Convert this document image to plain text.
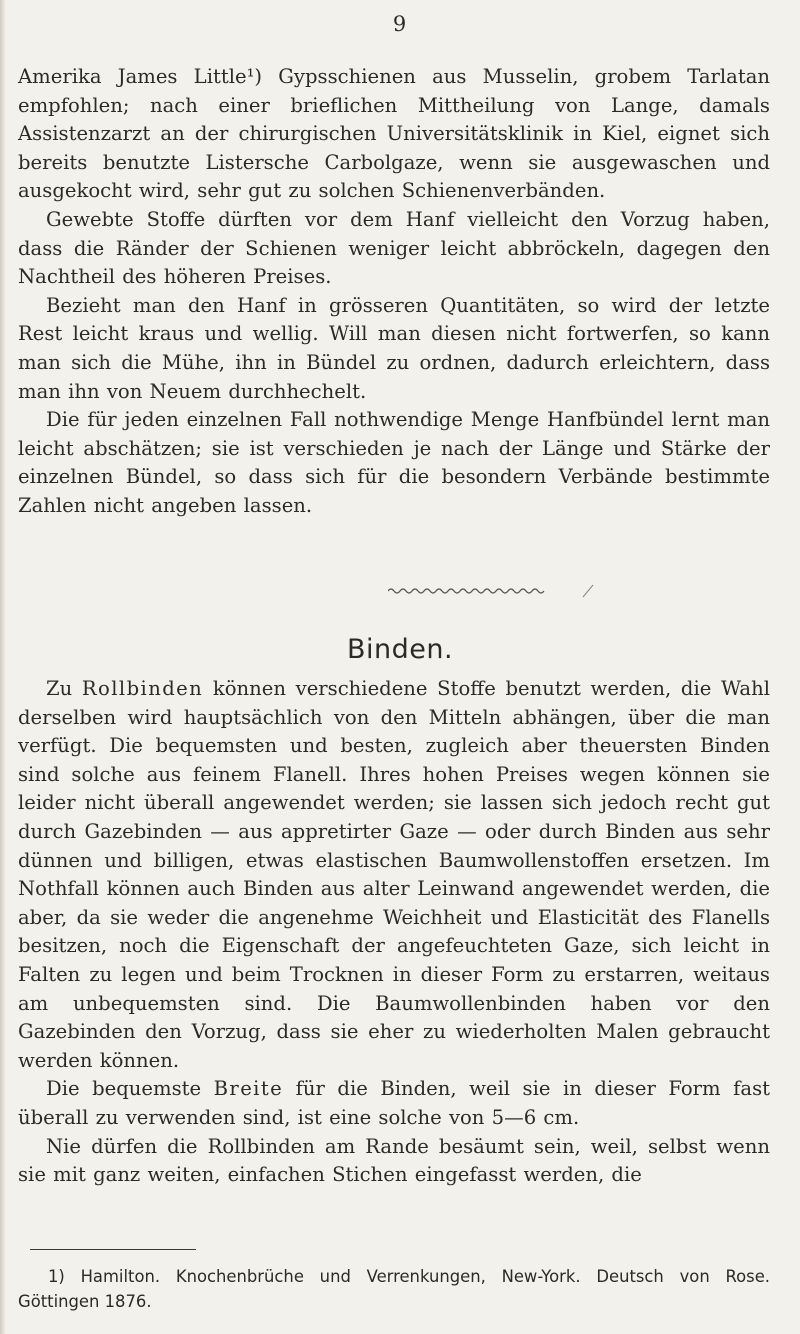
9

Amerika James Little¹) Gypsschienen aus Musselin, grobem Tarlatan empfohlen; nach einer brieflichen Mittheilung von Lange, damals Assistenzarzt an der chirurgischen Universitätsklinik in Kiel, eignet sich bereits benutzte Listersche Carbolgaze, wenn sie ausgewaschen und ausgekocht wird, sehr gut zu solchen Schienenverbänden.

Gewebte Stoffe dürften vor dem Hanf vielleicht den Vorzug haben, dass die Ränder der Schienen weniger leicht abbröckeln, dagegen den Nachtheil des höheren Preises.

Bezieht man den Hanf in grösseren Quantitäten, so wird der letzte Rest leicht kraus und wellig. Will man diesen nicht fortwerfen, so kann man sich die Mühe, ihn in Bündel zu ordnen, dadurch erleichtern, dass man ihn von Neuem durchhechelt.

Die für jeden einzelnen Fall nothwendige Menge Hanfbündel lernt man leicht abschätzen; sie ist verschieden je nach der Länge und Stärke der einzelnen Bündel, so dass sich für die besondern Verbände bestimmte Zahlen nicht angeben lassen.

Binden.

Zu Rollbinden können verschiedene Stoffe benutzt werden, die Wahl derselben wird hauptsächlich von den Mitteln abhängen, über die man verfügt. Die bequemsten und besten, zugleich aber theuersten Binden sind solche aus feinem Flanell. Ihres hohen Preises wegen können sie leider nicht überall angewendet werden; sie lassen sich jedoch recht gut durch Gazebinden — aus appretirter Gaze — oder durch Binden aus sehr dünnen und billigen, etwas elastischen Baumwollenstoffen ersetzen. Im Nothfall können auch Binden aus alter Leinwand angewendet werden, die aber, da sie weder die angenehme Weichheit und Elasticität des Flanells besitzen, noch die Eigenschaft der angefeuchteten Gaze, sich leicht in Falten zu legen und beim Trocknen in dieser Form zu erstarren, weitaus am unbequemsten sind. Die Baumwollenbinden haben vor den Gazebinden den Vorzug, dass sie eher zu wiederholten Malen gebraucht werden können.

Die bequemste Breite für die Binden, weil sie in dieser Form fast überall zu verwenden sind, ist eine solche von 5—6 cm.

Nie dürfen die Rollbinden am Rande besäumt sein, weil, selbst wenn sie mit ganz weiten, einfachen Stichen eingefasst werden, die

1) Hamilton. Knochenbrüche und Verrenkungen, New-York. Deutsch von Rose. Göttingen 1876.
